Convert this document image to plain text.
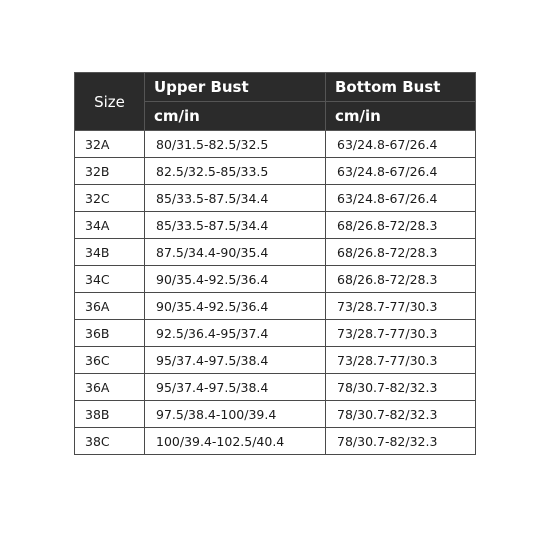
Size	Upper Bust	Bottom Bust
	cm/in	cm/in
32A	80/31.5-82.5/32.5	63/24.8-67/26.4
32B	82.5/32.5-85/33.5	63/24.8-67/26.4
32C	85/33.5-87.5/34.4	63/24.8-67/26.4
34A	85/33.5-87.5/34.4	68/26.8-72/28.3
34B	87.5/34.4-90/35.4	68/26.8-72/28.3
34C	90/35.4-92.5/36.4	68/26.8-72/28.3
36A	90/35.4-92.5/36.4	73/28.7-77/30.3
36B	92.5/36.4-95/37.4	73/28.7-77/30.3
36C	95/37.4-97.5/38.4	73/28.7-77/30.3
36A	95/37.4-97.5/38.4	78/30.7-82/32.3
38B	97.5/38.4-100/39.4	78/30.7-82/32.3
38C	100/39.4-102.5/40.4	78/30.7-82/32.3
